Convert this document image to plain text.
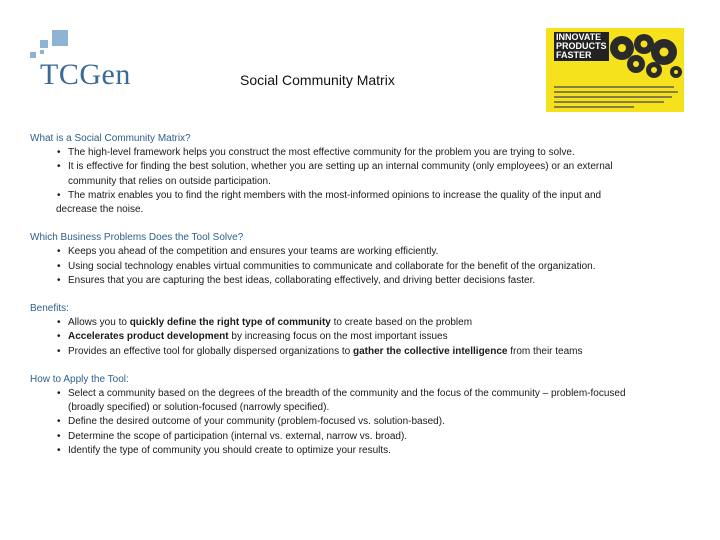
TCGen	Social Community Matrix
INNOVATE
PRODUCTS
FASTER
What is a Social Community Matrix?
• The high-level framework helps you construct the most effective community for the problem you are trying to solve.
• It is effective for finding the best solution, whether you are setting up an internal community (only employees) or an external
community that relies on outside participation.
• The matrix enables you to find the right members with the most-informed opinions to increase the quality of the input and
decrease the noise.
Which Business Problems Does the Tool Solve?
• Keeps you ahead of the competition and ensures your teams are working efficiently.
• Using social technology enables virtual communities to communicate and collaborate for the benefit of the organization.
• Ensures that you are capturing the best ideas, collaborating effectively, and driving better decisions faster.
Benefits:
• Allows you to quickly define the right type of community to create based on the problem
• Accelerates product development by increasing focus on the most important issues
• Provides an effective tool for globally dispersed organizations to gather the collective intelligence from their teams
How to Apply the Tool:
• Select a community based on the degrees of the breadth of the community and the focus of the community – problem-focused
(broadly specified) or solution-focused (narrowly specified).
• Define the desired outcome of your community (problem-focused vs. solution-based).
• Determine the scope of participation (internal vs. external, narrow vs. broad).
• Identify the type of community you should create to optimize your results.
